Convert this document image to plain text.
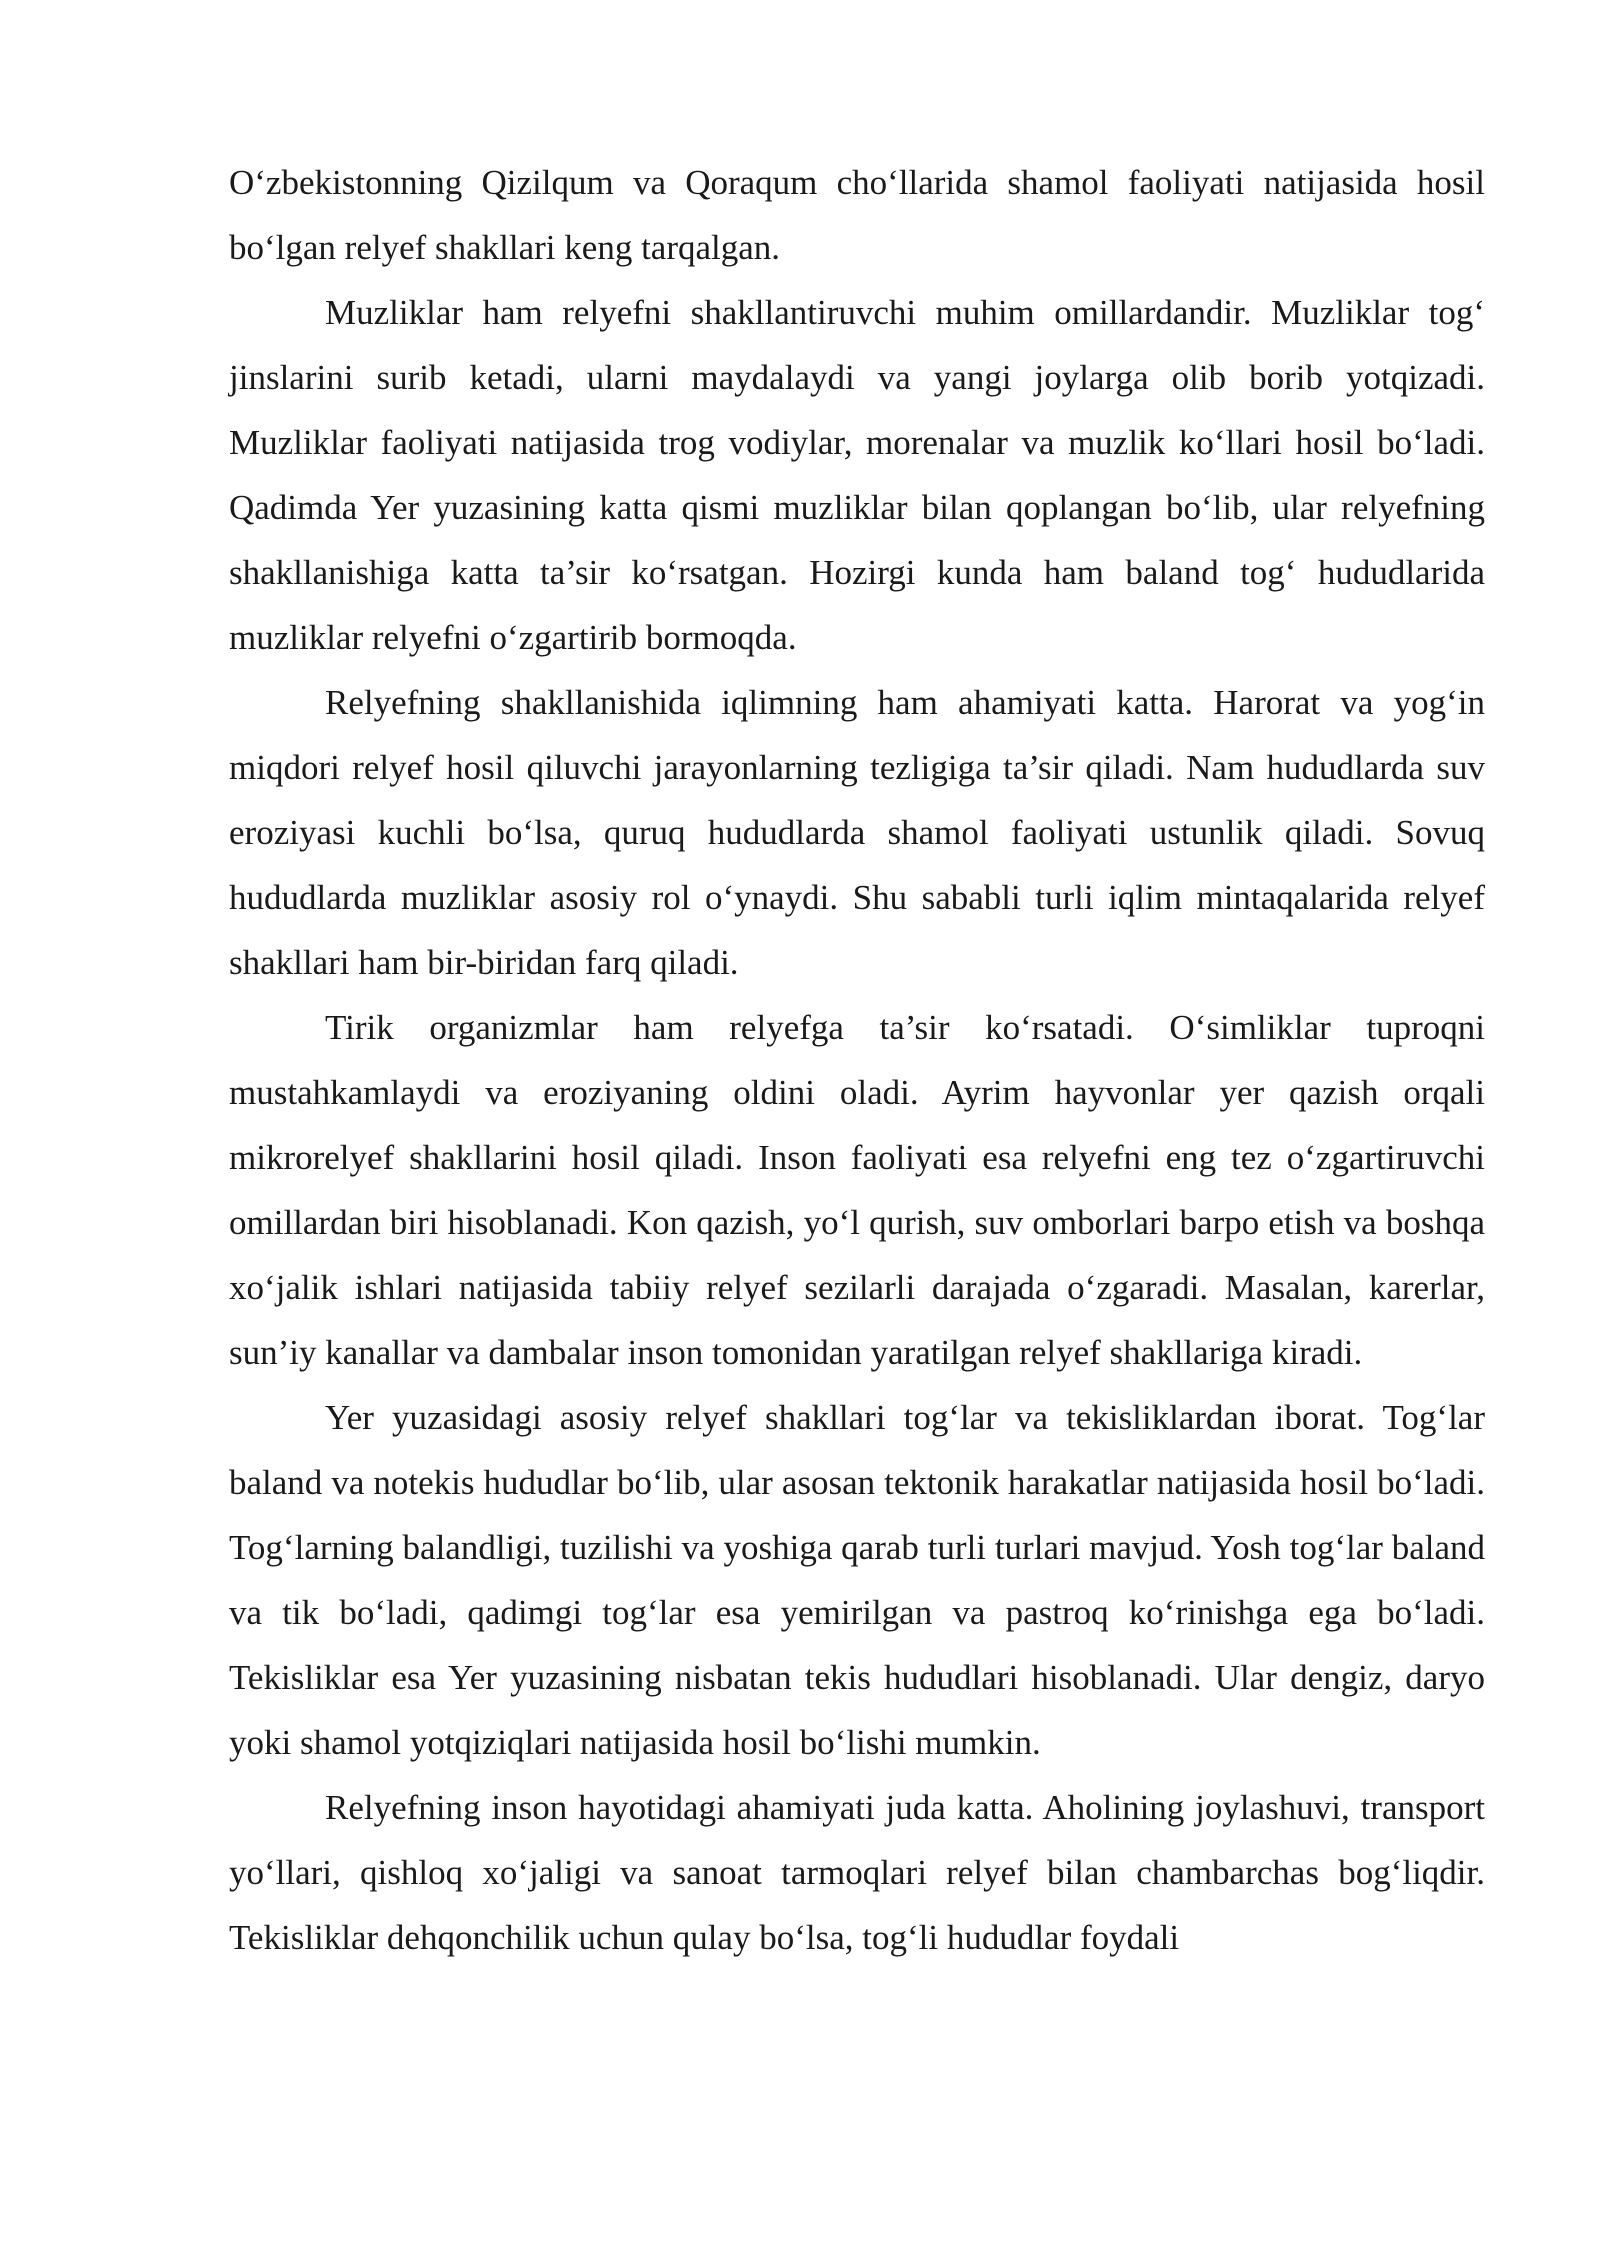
O‘zbekistonning Qizilqum va Qoraqum cho‘llarida shamol faoliyati natijasida hosil bo‘lgan relyef shakllari keng tarqalgan.

Muzliklar ham relyefni shakllantiruvchi muhim omillardandir. Muzliklar tog‘ jinslarini surib ketadi, ularni maydalaydi va yangi joylarga olib borib yotqizadi. Muzliklar faoliyati natijasida trog vodiylar, morenalar va muzlik ko‘llari hosil bo‘ladi. Qadimda Yer yuzasining katta qismi muzliklar bilan qoplangan bo‘lib, ular relyefning shakllanishiga katta ta’sir ko‘rsatgan. Hozirgi kunda ham baland tog‘ hududlarida muzliklar relyefni o‘zgartirib bormoqda.

Relyefning shakllanishida iqlimning ham ahamiyati katta. Harorat va yog‘in miqdori relyef hosil qiluvchi jarayonlarning tezligiga ta’sir qiladi. Nam hududlarda suv eroziyasi kuchli bo‘lsa, quruq hududlarda shamol faoliyati ustunlik qiladi. Sovuq hududlarda muzliklar asosiy rol o‘ynaydi. Shu sababli turli iqlim mintaqalarida relyef shakllari ham bir-biridan farq qiladi.

Tirik organizmlar ham relyefga ta’sir ko‘rsatadi. O‘simliklar tuproqni mustahkamlaydi va eroziyaning oldini oladi. Ayrim hayvonlar yer qazish orqali mikrorelyef shakllarini hosil qiladi. Inson faoliyati esa relyefni eng tez o‘zgartiruvchi omillardan biri hisoblanadi. Kon qazish, yo‘l qurish, suv omborlari barpo etish va boshqa xo‘jalik ishlari natijasida tabiiy relyef sezilarli darajada o‘zgaradi. Masalan, karerlar, sun’iy kanallar va dambalar inson tomonidan yaratilgan relyef shakllariga kiradi.

Yer yuzasidagi asosiy relyef shakllari tog‘lar va tekisliklardan iborat. Tog‘lar baland va notekis hududlar bo‘lib, ular asosan tektonik harakatlar natijasida hosil bo‘ladi. Tog‘larning balandligi, tuzilishi va yoshiga qarab turli turlari mavjud. Yosh tog‘lar baland va tik bo‘ladi, qadimgi tog‘lar esa yemirilgan va pastroq ko‘rinishga ega bo‘ladi. Tekisliklar esa Yer yuzasining nisbatan tekis hududlari hisoblanadi. Ular dengiz, daryo yoki shamol yotqiziqlari natijasida hosil bo‘lishi mumkin.

Relyefning inson hayotidagi ahamiyati juda katta. Aholining joylashuvi, transport yo‘llari, qishloq xo‘jaligi va sanoat tarmoqlari relyef bilan chambarchas bog‘liqdir. Tekisliklar dehqonchilik uchun qulay bo‘lsa, tog‘li hududlar foydali
